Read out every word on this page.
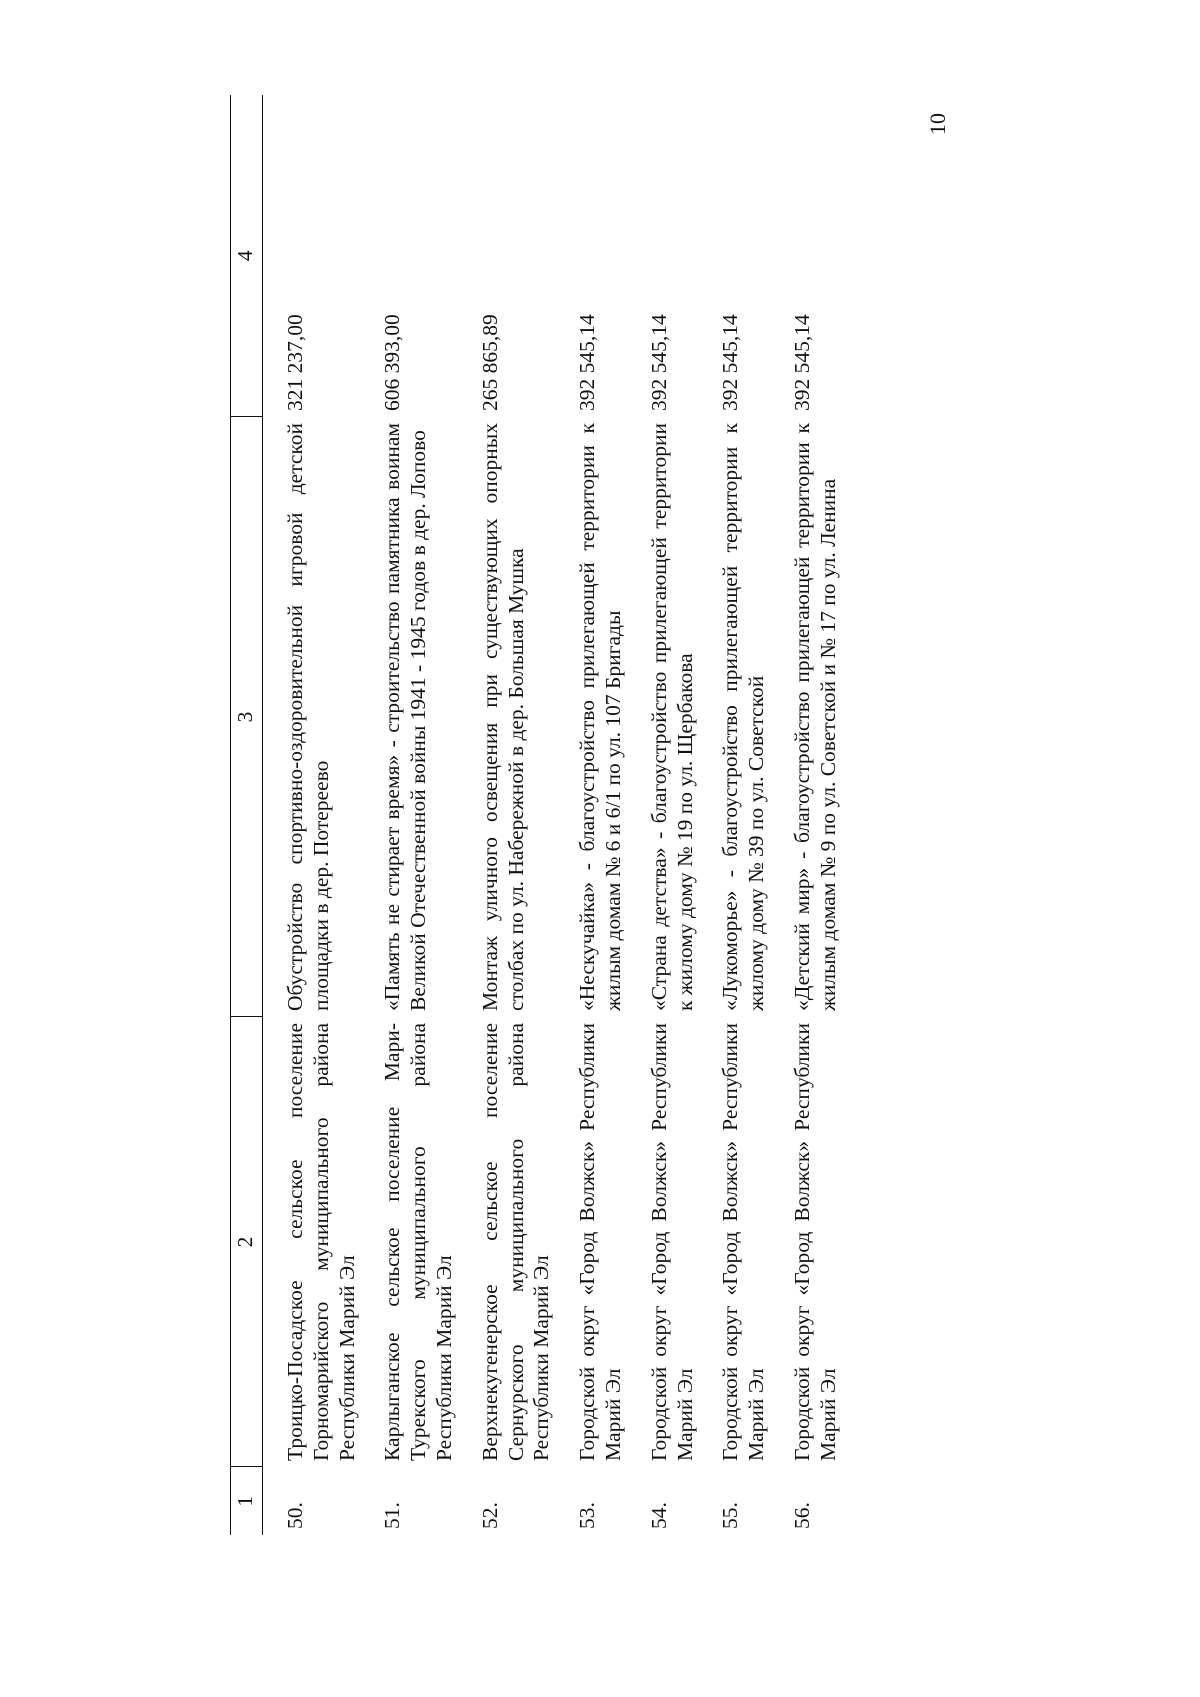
10
1	2	3	4

50.	Троицко-Посадское сельское поселение Горномарийского муниципального района Республики Марий Эл	Обустройство спортивно-оздоровительной игровой детской площадки в дер. Потереево	321 237,00

51.	Карлыганское сельское поселение Мари-Турекского муниципального района Республики Марий Эл	«Память не стирает время» - строительство памятника воинам Великой Отечественной войны 1941 - 1945 годов в дер. Лопово	606 393,00

52.	Верхнекугенерское сельское поселение Сернурского муниципального района Республики Марий Эл	Монтаж уличного освещения при существующих опорных столбах по ул. Набережной в дер. Большая Мушка	265 865,89

53.	Городской округ «Город Волжск» Республики Марий Эл	«Нескучайка» - благоустройство прилегающей территории к жилым домам № 6 и 6/1 по ул. 107 Бригады	392 545,14

54.	Городской округ «Город Волжск» Республики Марий Эл	«Страна детства» - благоустройство прилегающей территории к жилому дому № 19 по ул. Щербакова	392 545,14

55.	Городской округ «Город Волжск» Республики Марий Эл	«Лукоморье» - благоустройство прилегающей территории к жилому дому № 39 по ул. Советской	392 545,14

56.	Городской округ «Город Волжск» Республики Марий Эл	«Детский мир» - благоустройство прилегающей территории к жилым домам № 9 по ул. Советской и № 17 по ул. Ленина	392 545,14
